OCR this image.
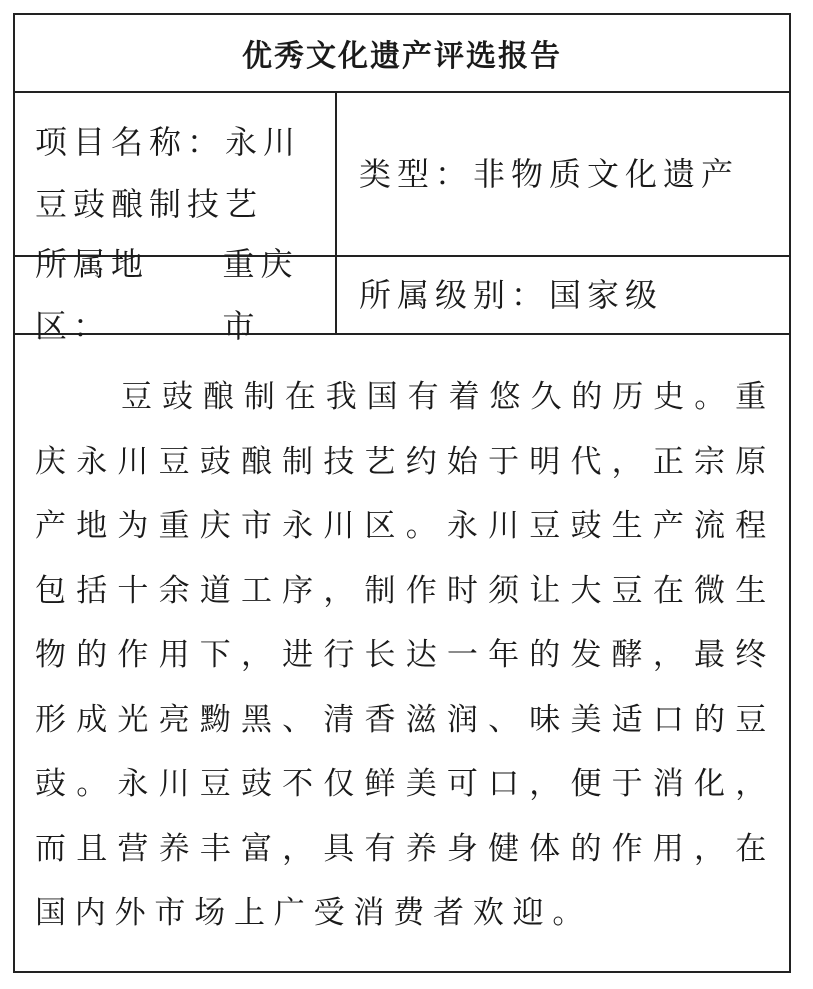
优秀文化遗产评选报告
项目名称：永川豆豉酿制技艺
类型： 非物质文化遗产
所属地区：
重庆市
所属级别： 国家级

豆豉酿制在我国有着悠久的历史。重庆永川豆豉酿制技艺约始于明代，正宗原产地为重庆市永川区。永川豆豉生产流程包括十余道工序，制作时须让大豆在微生物的作用下，进行长达一年的发酵，最终形成光亮黝黑、清香滋润、味美适口的豆豉。永川豆豉不仅鲜美可口，便于消化，而且营养丰富，具有养身健体的作用，在国内外市场上广受消费者欢迎。
